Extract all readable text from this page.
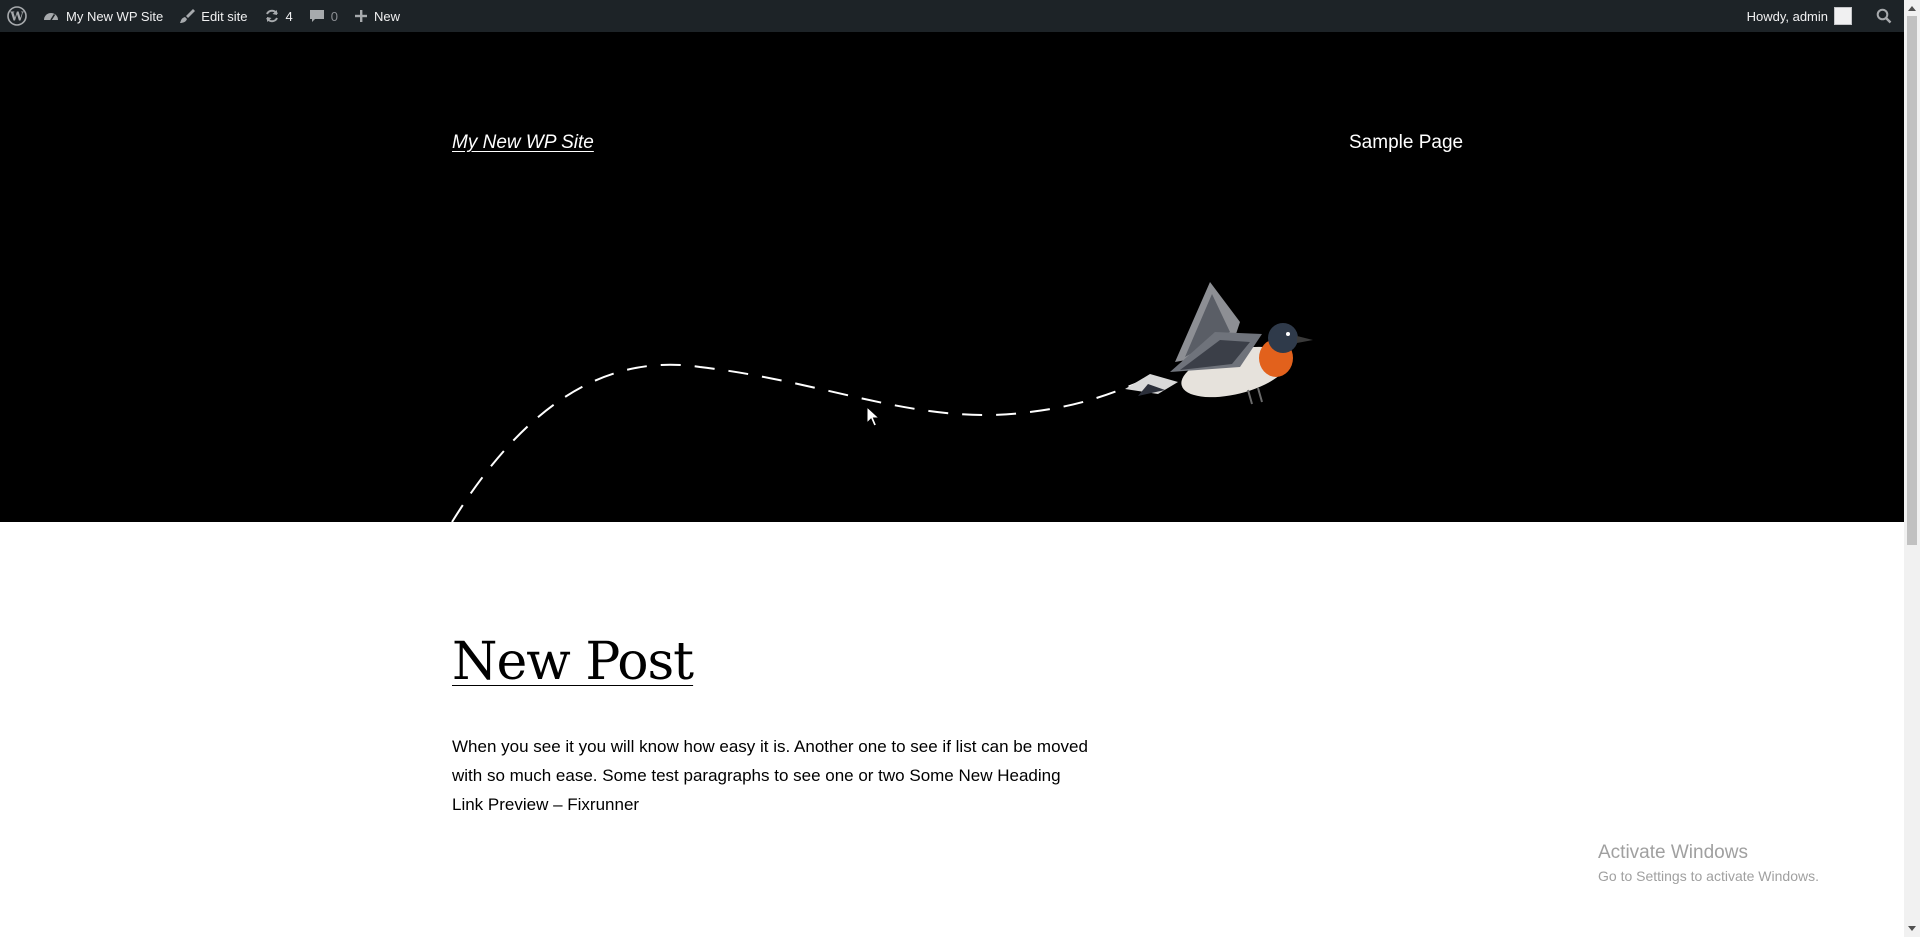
W	My New WP Site	Edit site	4	0	New	Howdy, admin
My New WP Site	Sample Page
New Post

When you see it you will know how easy it is. Another one to see if list can be moved with so much ease. Some test paragraphs to see one or two Some New Heading Link Preview – Fixrunner

Activate Windows
Go to Settings to activate Windows.
